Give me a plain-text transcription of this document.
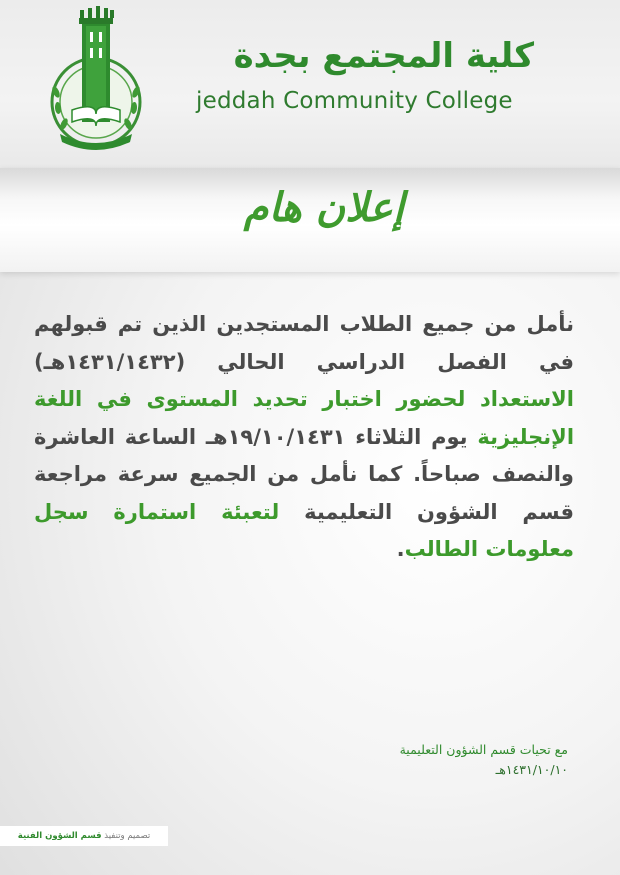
كلية المجتمع بجدة
jeddah Community College
إعلان هام
نأمل من جميع الطلاب المستجدين الذين تم قبولهم في الفصل الدراسي الحالي (١٤٣١/١٤٣٢هـ) الاستعداد لحضور اختبار تحديد المستوى في اللغة الإنجليزية يوم الثلاثاء ١٩/١٠/١٤٣١هـ الساعة العاشرة والنصف صباحاً. كما نأمل من الجميع سرعة مراجعة قسم الشؤون التعليمية لتعبئة استمارة سجل معلومات الطالب.
مع تحيات قسم الشؤون التعليمية
١٤٣١/١٠/١٠هـ
تصميم وتنفيذ قسم الشؤون الفنية
